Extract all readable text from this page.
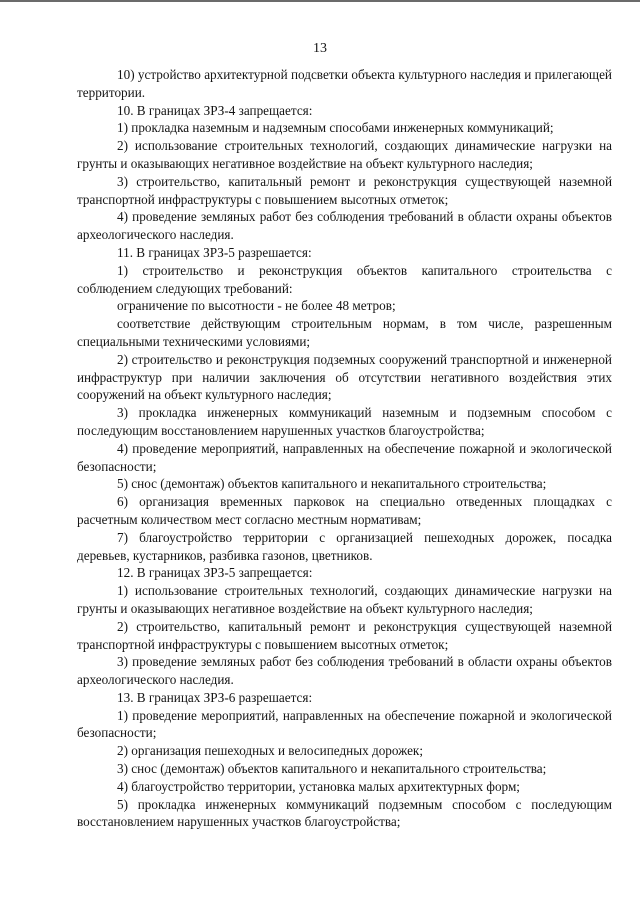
13

10) устройство архитектурной подсветки объекта культурного наследия и прилегающей территории.

10. В границах ЗРЗ-4 запрещается:

1) прокладка наземным и надземным способами инженерных коммуникаций;

2) использование строительных технологий, создающих динамические нагрузки на грунты и оказывающих негативное воздействие на объект культурного наследия;

3) строительство, капитальный ремонт и реконструкция существующей наземной транспортной инфраструктуры с повышением высотных отметок;

4) проведение земляных работ без соблюдения требований в области охраны объектов археологического наследия.

11. В границах ЗРЗ-5 разрешается:

1) строительство и реконструкция объектов капитального строительства с соблюдением следующих требований:

ограничение по высотности - не более 48 метров;

соответствие действующим строительным нормам, в том числе, разрешенным специальными техническими условиями;

2) строительство и реконструкция подземных сооружений транспортной и инженерной инфраструктур при наличии заключения об отсутствии негативного воздействия этих сооружений на объект культурного наследия;

3) прокладка инженерных коммуникаций наземным и подземным способом с последующим восстановлением нарушенных участков благоустройства;

4) проведение мероприятий, направленных на обеспечение пожарной и экологической безопасности;

5) снос (демонтаж) объектов капитального и некапитального строительства;

6) организация временных парковок на специально отведенных площадках с расчетным количеством мест согласно местным нормативам;

7) благоустройство территории с организацией пешеходных дорожек, посадка деревьев, кустарников, разбивка газонов, цветников.

12. В границах ЗРЗ-5 запрещается:

1) использование строительных технологий, создающих динамические нагрузки на грунты и оказывающих негативное воздействие на объект культурного наследия;

2) строительство, капитальный ремонт и реконструкция существующей наземной транспортной инфраструктуры с повышением высотных отметок;

3) проведение земляных работ без соблюдения требований в области охраны объектов археологического наследия.

13. В границах ЗРЗ-6 разрешается:

1) проведение мероприятий, направленных на обеспечение пожарной и экологической безопасности;

2) организация пешеходных и велосипедных дорожек;

3) снос (демонтаж) объектов капитального и некапитального строительства;

4) благоустройство территории, установка малых архитектурных форм;

5) прокладка инженерных коммуникаций подземным способом с последующим восстановлением нарушенных участков благоустройства;
